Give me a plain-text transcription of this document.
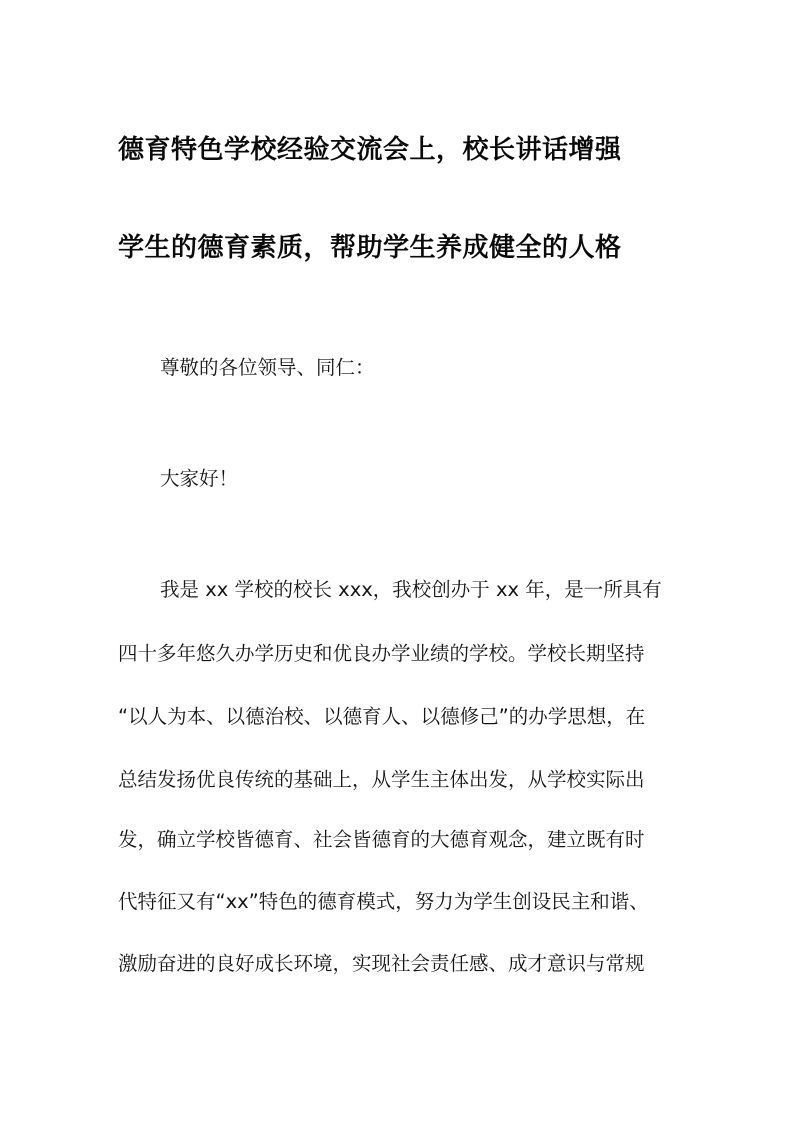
德育特色学校经验交流会上，校长讲话增强
学生的德育素质，帮助学生养成健全的人格
尊敬的各位领导、同仁：
大家好！
我是 xx 学校的校长 xxx，我校创办于 xx 年，是一所具有
四十多年悠久办学历史和优良办学业绩的学校。学校长期坚持
“以人为本、以德治校、以德育人、以德修己”的办学思想，在
总结发扬优良传统的基础上，从学生主体出发，从学校实际出
发，确立学校皆德育、社会皆德育的大德育观念，建立既有时
代特征又有“xx”特色的德育模式，努力为学生创设民主和谐、
激励奋进的良好成长环境，实现社会责任感、成才意识与常规
